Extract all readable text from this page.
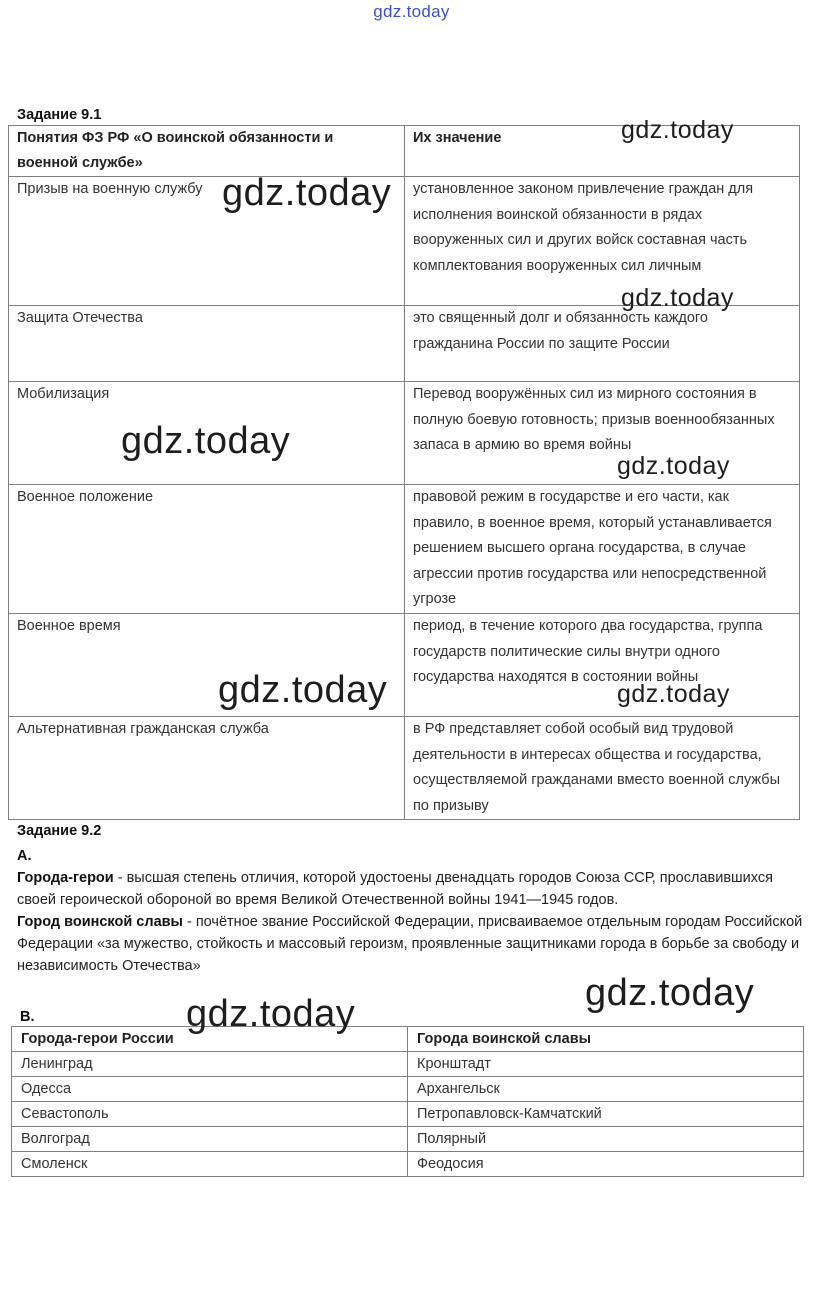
gdz.today
Задание 9.1
Понятия ФЗ РФ «О воинской обязанности и военной службе»	Их значение
Призыв на военную службу	установленное законом привлечение граждан для исполнения воинской обязанности в рядах вооруженных сил и других войск составная часть комплектования вооруженных сил личным
Защита Отечества	это священный долг и обязанность каждого гражданина России по защите России
Мобилизация	Перевод вооружённых сил из мирного состояния в полную боевую готовность; призыв военнообязанных запаса в армию во время войны
Военное положение	правовой режим в государстве и его части, как правило, в военное время, который устанавливается решением высшего органа государства, в случае агрессии против государства или непосредственной угрозе
Военное время	период, в течение которого два государства, группа государств политические силы внутри одного государства находятся в состоянии войны
Альтернативная гражданская служба	в РФ представляет собой особый вид трудовой деятельности в интересах общества и государства, осуществляемой гражданами вместо военной службы по призыву
Задание 9.2
А.
Города-герои - высшая степень отличия, которой удостоены двенадцать городов Союза ССР, прославившихся своей героической обороной во время Великой Отечественной войны 1941—1945 годов.
Город воинской славы - почётное звание Российской Федерации, присваиваемое отдельным городам Российской Федерации «за мужество, стойкость и массовый героизм, проявленные защитниками города в борьбе за свободу и независимость Отечества»
В.
Города-герои России	Города воинской славы
Ленинград	Кронштадт
Одесса	Архангельск
Севастополь	Петропавловск-Камчатский
Волгоград	Полярный
Смоленск	Феодосия
gdz.today
gdz.today
gdz.today
gdz.today
gdz.today
gdz.today	gdz.today
gdz.today
gdz.today
